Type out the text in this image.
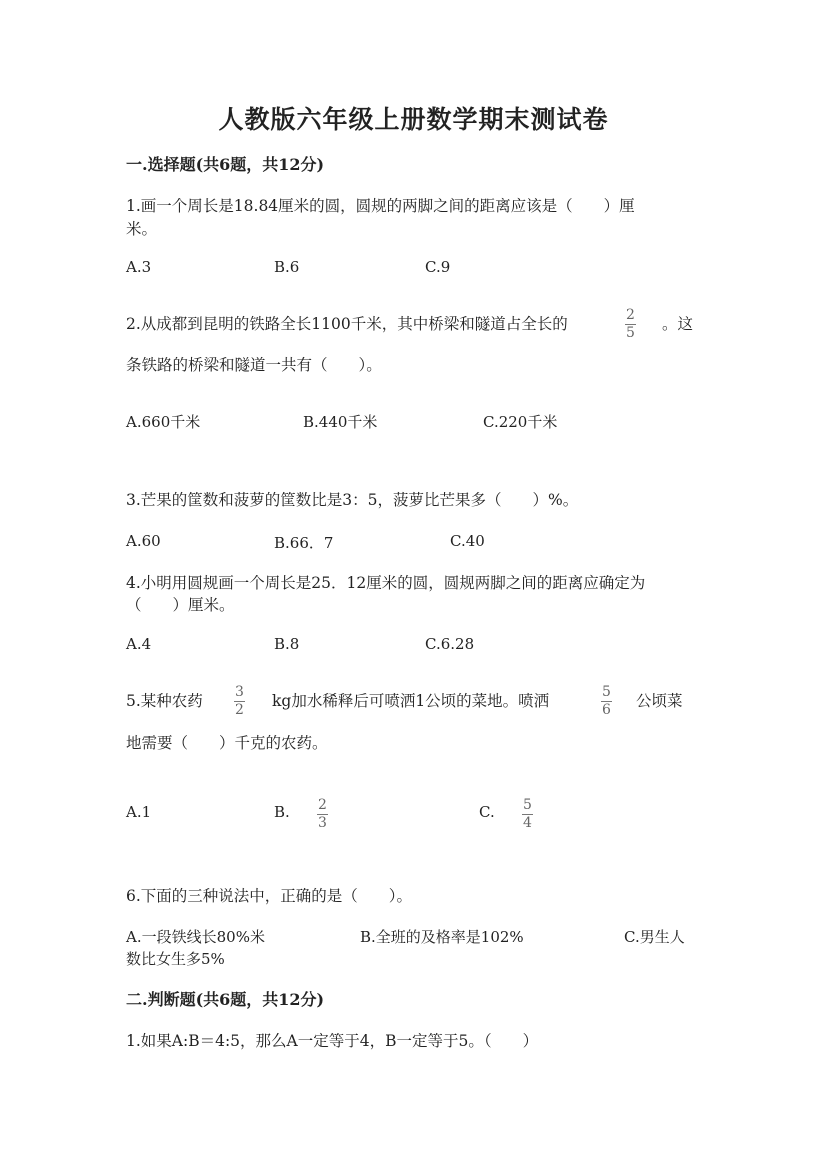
人教版六年级上册数学期末测试卷
一.选择题(共6题，共12分)
1.画一个周长是18.84厘米的圆，圆规的两脚之间的距离应该是（　　）厘
米。
A.3	B.6	C.9
2.从成都到昆明的铁路全长1100千米，其中桥梁和隧道占全长的	2
5 。这
条铁路的桥梁和隧道一共有（　　）。
A.660千米	B.440千米	C.220千米
3.芒果的筐数和菠萝的筐数比是3：5，菠萝比芒果多（　　）%。
A.60	B.66．7	C.40
4.小明用圆规画一个周长是25．12厘米的圆，圆规两脚之间的距离应确定为
（　　）厘米。
A.4	B.8	C.6.28
5.某种农药 3
2 kg加水稀释后可喷洒1公顷的菜地。喷洒	5
6 公顷菜
地需要（　　）千克的农药。
A.1	B. 2
3
C. 5
4
6.下面的三种说法中，正确的是（　　）。
A.一段铁线长80%米	B.全班的及格率是102%	C.男生人
数比女生多5%
二.判断题(共6题，共12分)
1.如果A:B＝4:5，那么A一定等于4，B一定等于5。（　　）
